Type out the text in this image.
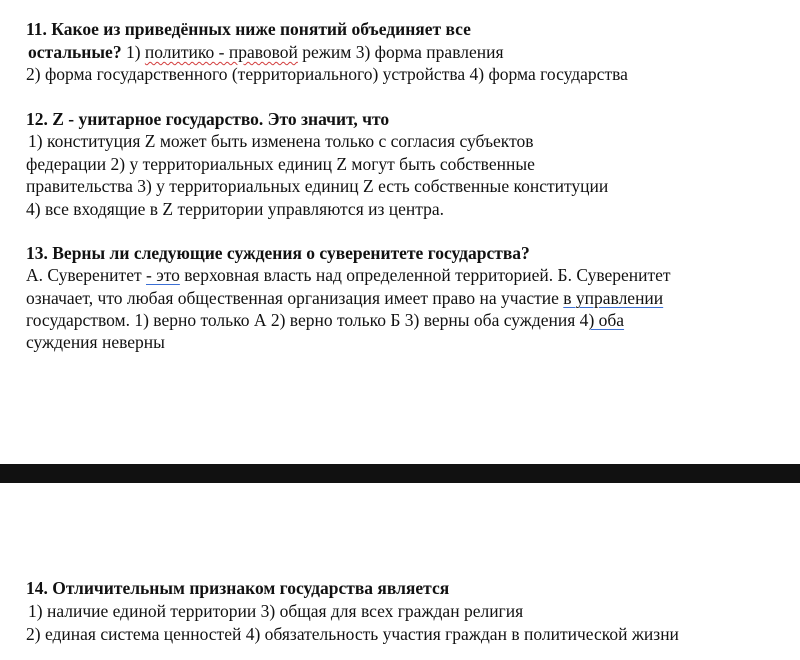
11. Какое из приведённых ниже понятий объединяет все
остальные? 1) политико - правовой режим 3) форма правления
2) форма государственного (территориального) устройства 4) форма государства
12. Z - унитарное государство. Это значит, что
1) конституция Z может быть изменена только с согласия субъектов
федерации 2) у территориальных единиц Z могут быть собственные
правительства 3) у территориальных единиц Z есть собственные конституции
4) все входящие в Z территории управляются из центра.
13. Верны ли следующие суждения о суверенитете государства?
А. Суверенитет - это верховная власть над определенной территорией. Б. Суверенитет
означает, что любая общественная организация имеет право на участие в управлении
государством. 1) верно только А 2) верно только Б 3) верны оба суждения 4) оба
суждения неверны
14. Отличительным признаком государства является
1) наличие единой территории 3) общая для всех граждан религия
2) единая система ценностей 4) обязательность участия граждан в политической жизни
